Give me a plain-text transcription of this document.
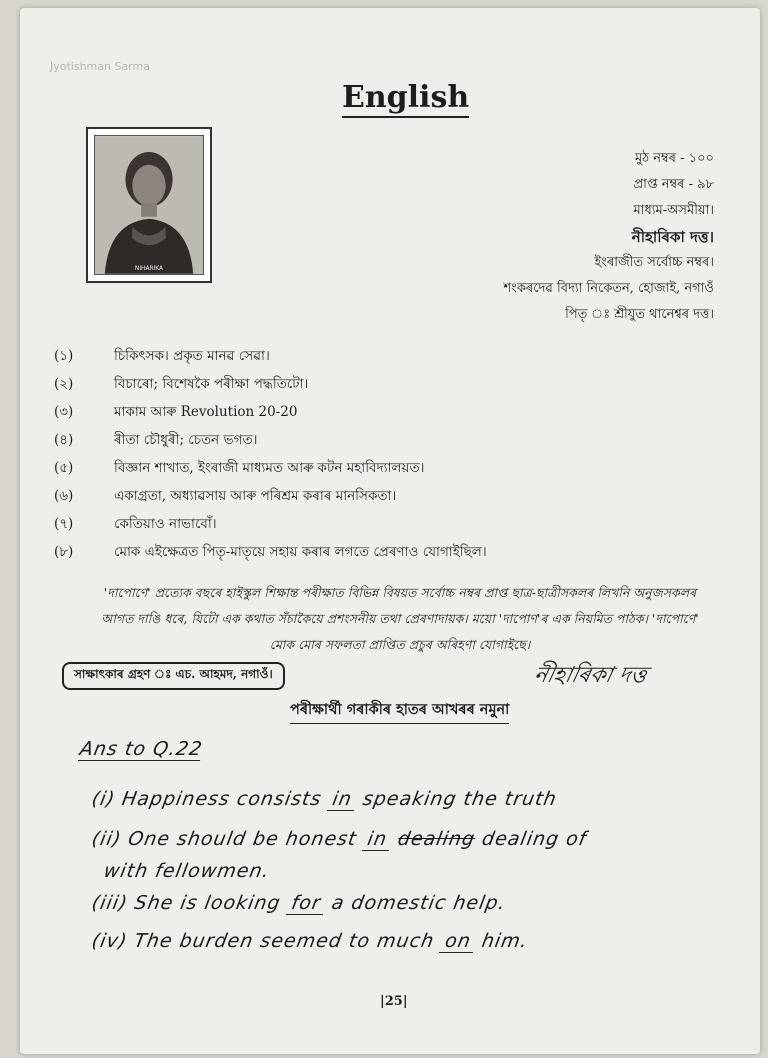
Jyotishman Sarma
English
NIHARIKA
মুঠ নম্বৰ - ১০০
প্ৰাপ্ত নম্বৰ - ৯৮
মাধ্যম-অসমীয়া।
নীহাৰিকা দত্ত।
ইংৰাজীত সৰ্বোচ্চ নম্বৰ।
শংকৰদেৱ বিদ্যা নিকেতন, হোজাই, নগাওঁ
পিতৃ ঃ শ্ৰীযুত থানেশ্বৰ দত্ত।
(১)	চিকিৎসক। প্ৰকৃত মানৱ সেৱা।
(২)	বিচাৰো; বিশেষকৈ পৰীক্ষা পদ্ধতিটো।
(৩)	মাকাম আৰু Revolution 20-20
(৪)	ৰীতা চৌধুৰী; চেতন ভগত।
(৫)	বিজ্ঞান শাখাত, ইংৰাজী মাধ্যমত আৰু কটন মহাবিদ্যালয়ত।
(৬)	একাগ্ৰতা, অধ্যাৱসায় আৰু পৰিশ্ৰম কৰাৰ মানসিকতা।
(৭)	কেতিয়াও নাভাবোঁ।
(৮)	মোক এইক্ষেত্ৰত পিতৃ-মাতৃয়ে সহায় কৰাৰ লগতে প্ৰেৰণাও যোগাইছিল।
'দাপোণে' প্ৰত্যেক বছৰে হাইস্কুল শিক্ষান্ত পৰীক্ষাত বিভিন্ন বিষয়ত সৰ্বোচ্চ নম্বৰ প্ৰাপ্ত ছাত্ৰ-ছাত্ৰীসকলৰ লিখনি অনুজসকলৰ
আগত দাঙি ধৰে, যিটো এক কথাত সঁচাকৈয়ে প্ৰশংসনীয় তথা প্ৰেৰণাদায়ক। ময়ো 'দাপোণ'ৰ এক নিয়মিত পাঠক। 'দাপোণে'
মোক মোৰ সফলতা প্ৰাপ্তিত প্ৰচুৰ অৰিহণা যোগাইছে।
সাক্ষাৎকাৰ গ্ৰহণ ঃ এচ. আহমদ, নগাওঁ।	নীহাৰিকা দত্ত
পৰীক্ষাৰ্থী গৰাকীৰ হাতৰ আখৰৰ নমুনা
Ans to Q.22
(i) Happiness consists in speaking the truth
(ii) One should be honest in dealing dealing of
with fellowmen.
(iii) She is looking for a domestic help.
(iv) The burden seemed to much on him.
|25|
